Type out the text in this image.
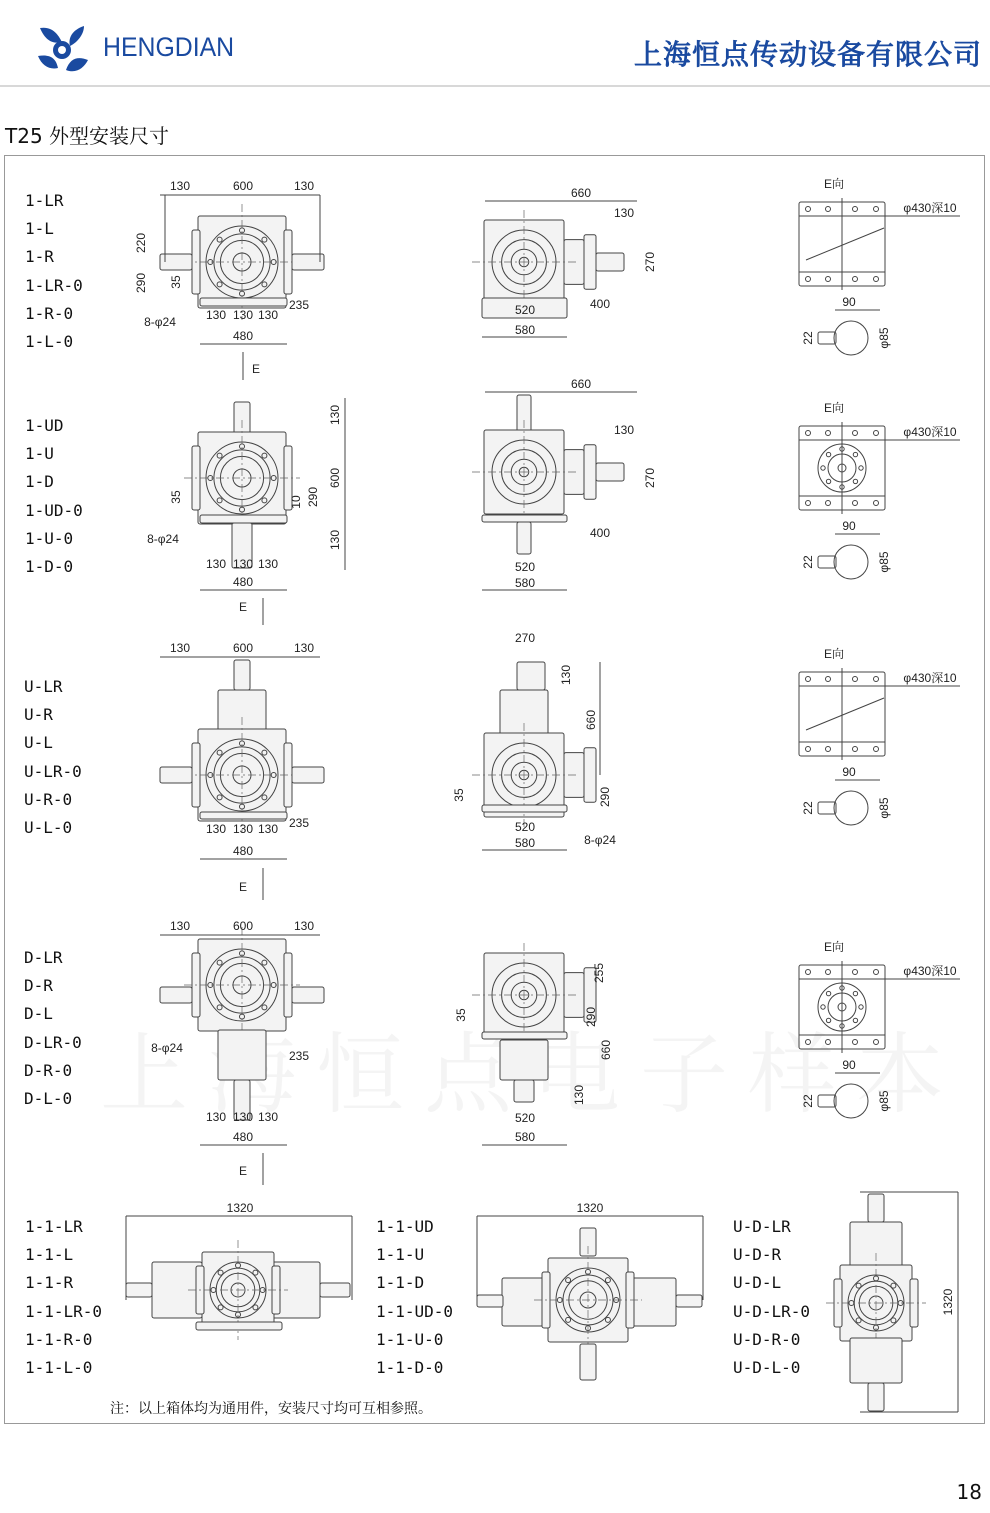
HENGDIAN	上海恒点传动设备有限公司
T25 外型安装尺寸
1-LR
1-L
1-R
1-LR-0
1-R-0
1-L-0
1-UD
1-U
1-D
1-UD-0
1-U-0
1-D-0
U-LR
U-R
U-L
U-LR-0
U-R-0
U-L-0
D-LR
D-R
D-L
D-LR-0
D-R-0
D-L-0
1-1-LR
1-1-L
1-1-R
1-1-LR-0
1-1-R-0
1-1-L-0
1-1-UD
1-1-U
1-1-D
1-1-UD-0
1-1-U-0
1-1-D-0
U-D-LR
U-D-R
U-D-L
U-D-LR-0
U-D-R-0
U-D-L-0
130	600	130
220
290 35
235
130 130 130
8-φ24
480
E
660
130
270
520	400
580
E向
φ430深10
90
22	φ85
130
600
35	10 290
130
8-φ24
130 130 130
480
E
660
130
270
400
520
580
E向
φ430深10
90
22	φ85
130	600	130
235
130 130 130
480
E
270
130
660
290
35
520
580	8-φ24
E向
φ430深10
90
22	φ85
130	600	130
8-φ24
235
130 130 130
480
E
255
35	290
660
130
520
580
E向
φ430深10
90
22	φ85
1320	1320
1320
注：以上箱体均为通用件，安装尺寸均可互相参照。
18
